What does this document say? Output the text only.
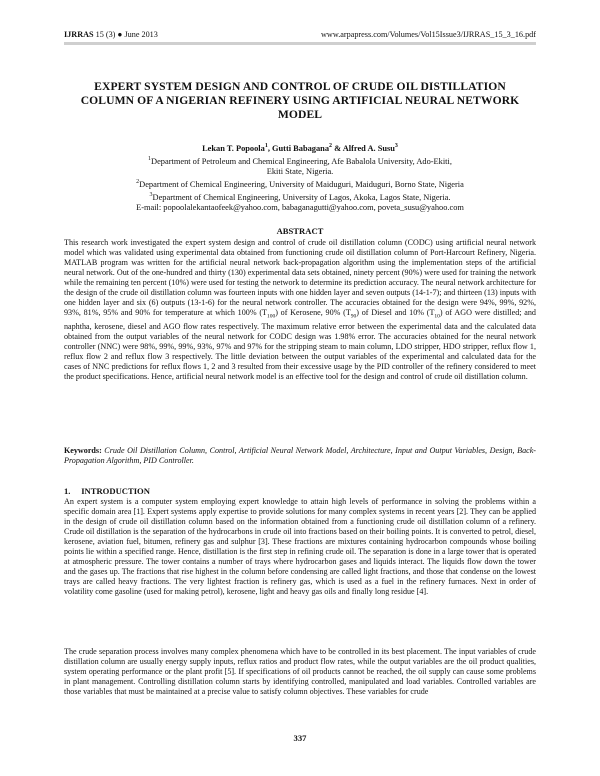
IJRRAS 15 (3) ● June 2013	www.arpapress.com/Volumes/Vol15Issue3/IJRRAS_15_3_16.pdf
EXPERT SYSTEM DESIGN AND CONTROL OF CRUDE OIL DISTILLATION COLUMN OF A NIGERIAN REFINERY USING ARTIFICIAL NEURAL NETWORK MODEL
Lekan T. Popoola$^1$, Gutti Babagana$^2$ & Alfred A. Susu$^3$
$^1$Department of Petroleum and Chemical Engineering, Afe Babalola University, Ado-Ekiti,
Ekiti State, Nigeria.
$^2$Department of Chemical Engineering, University of Maiduguri, Maiduguri, Borno State, Nigeria
$^3$Department of Chemical Engineering, University of Lagos, Akoka, Lagos State, Nigeria.
E-mail: popoolalekantaofeek@yahoo.com, babaganagutti@yahoo.com, poveta_susu@yahoo.com
ABSTRACT
This research work investigated the expert system design and control of crude oil distillation column (CODC) using artificial neural network model which was validated using experimental data obtained from functioning crude oil distillation column of Port-Harcourt Refinery, Nigeria. MATLAB program was written for the artificial neural network back-propagation algorithm using the implementation steps of the artificial neural network. Out of the one-hundred and thirty (130) experimental data sets obtained, ninety percent (90%) were used for training the network while the remaining ten percent (10%) were used for testing the network to determine its prediction accuracy. The neural network architecture for the design of the crude oil distillation column was fourteen inputs with one hidden layer and seven outputs (14-1-7); and thirteen (13) inputs with one hidden layer and six (6) outputs (13-1-6) for the neural network controller. The accuracies obtained for the design were 94%, 99%, 92%, 93%, 81%, 95% and 90% for temperature at which 100% $(T_{100})$ of Kerosene, 90% $(T_{90})$ of Diesel and 10% $(T_{10})$ of AGO were distilled; and naphtha, kerosene, diesel and AGO flow rates respectively. The maximum relative error between the experimental data and the calculated data obtained from the output variables of the neural network for CODC design was 1.98% error. The accuracies obtained for the neural network controller (NNC) were 98%, 99%, 99%, 93%, 97% and 97% for the stripping steam to main column, LDO stripper, HDO stripper, reflux flow 1, reflux flow 2 and reflux flow 3 respectively. The little deviation between the output variables of the experimental and calculated data for the cases of NNC predictions for reflux flows 1, 2 and 3 resulted from their excessive usage by the PID controller of the refinery considered to meet the product specifications. Hence, artificial neural network model is an effective tool for the design and control of crude oil distillation column.
Keywords: Crude Oil Distillation Column, Control, Artificial Neural Network Model, Architecture, Input and Output Variables, Design, Back-Propagation Algorithm, PID Controller.
1.     INTRODUCTION
An expert system is a computer system employing expert knowledge to attain high levels of performance in solving the problems within a specific domain area [1]. Expert systems apply expertise to provide solutions for many complex systems in recent years [2]. They can be applied in the design of crude oil distillation column based on the information obtained from a functioning crude oil distillation column of a refinery. Crude oil distillation is the separation of the hydrocarbons in crude oil into fractions based on their boiling points. It is converted to petrol, diesel, kerosene, aviation fuel, bitumen, refinery gas and sulphur [3]. These fractions are mixtures containing hydrocarbon compounds whose boiling points lie within a specified range. Hence, distillation is the first step in refining crude oil. The separation is done in a large tower that is operated at atmospheric pressure. The tower contains a number of trays where hydrocarbon gases and liquids interact. The liquids flow down the tower and the gases up. The fractions that rise highest in the column before condensing are called light fractions, and those that condense on the lowest trays are called heavy fractions. The very lightest fraction is refinery gas, which is used as a fuel in the refinery furnaces. Next in order of volatility come gasoline (used for making petrol), kerosene, light and heavy gas oils and finally long residue [4].
The crude separation process involves many complex phenomena which have to be controlled in its best placement. The input variables of crude distillation column are usually energy supply inputs, reflux ratios and product flow rates, while the output variables are the oil product qualities, system operating performance or the plant profit [5]. If specifications of oil products cannot be reached, the oil supply can cause some problems in plant management. Controlling distillation column starts by identifying controlled, manipulated and load variables. Controlled variables are those variables that must be maintained at a precise value to satisfy column objectives. These variables for crude
337
